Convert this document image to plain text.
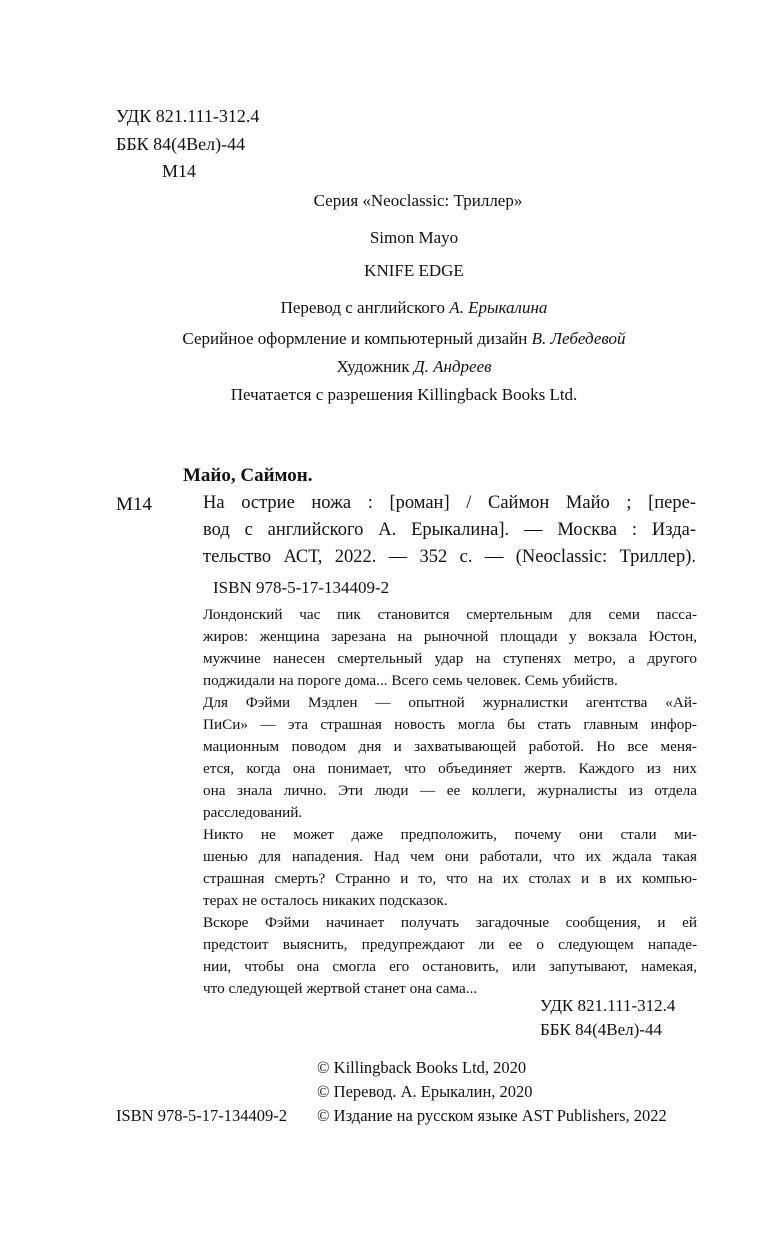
УДК 821.111-312.4
ББК 84(4Вел)-44
М14
Серия «Neoclassic: Триллер»
Simon Mayo
KNIFE EDGE
Перевод с английского А. Ерыкалина
Серийное оформление и компьютерный дизайн В. Лебедевой
Художник Д. Андреев
Печатается с разрешения Killingback Books Ltd.
Майо, Саймон.
М14	На острие ножа : [роман] / Саймон Майо ; [пере-
вод с английского А. Ерыкалина]. — Москва : Изда-
тельство АСТ, 2022. — 352 с. — (Neoclassic: Триллер).
ISBN 978-5-17-134409-2
Лондонский час пик становится смертельным для семи пасса-
жиров: женщина зарезана на рыночной площади у вокзала Юстон,
мужчине нанесен смертельный удар на ступенях метро, а другого
поджидали на пороге дома... Всего семь человек. Семь убийств.
Для Фэйми Мэдлен — опытной журналистки агентства «Ай-
ПиСи» — эта страшная новость могла бы стать главным инфор-
мационным поводом дня и захватывающей работой. Но все меня-
ется, когда она понимает, что объединяет жертв. Каждого из них
она знала лично. Эти люди — ее коллеги, журналисты из отдела
расследований.
Никто не может даже предположить, почему они стали ми-
шенью для нападения. Над чем они работали, что их ждала такая
страшная смерть? Странно и то, что на их столах и в их компью-
терах не осталось никаких подсказок.
Вскоре Фэйми начинает получать загадочные сообщения, и ей
предстоит выяснить, предупреждают ли ее о следующем нападе-
нии, чтобы она смогла его остановить, или запутывают, намекая,
что следующей жертвой станет она сама...
УДК 821.111-312.4
ББК 84(4Вел)-44
© Killingback Books Ltd, 2020
© Перевод. А. Ерыкалин, 2020
ISBN 978-5-17-134409-2 © Издание на русском языке AST Publishers, 2022
